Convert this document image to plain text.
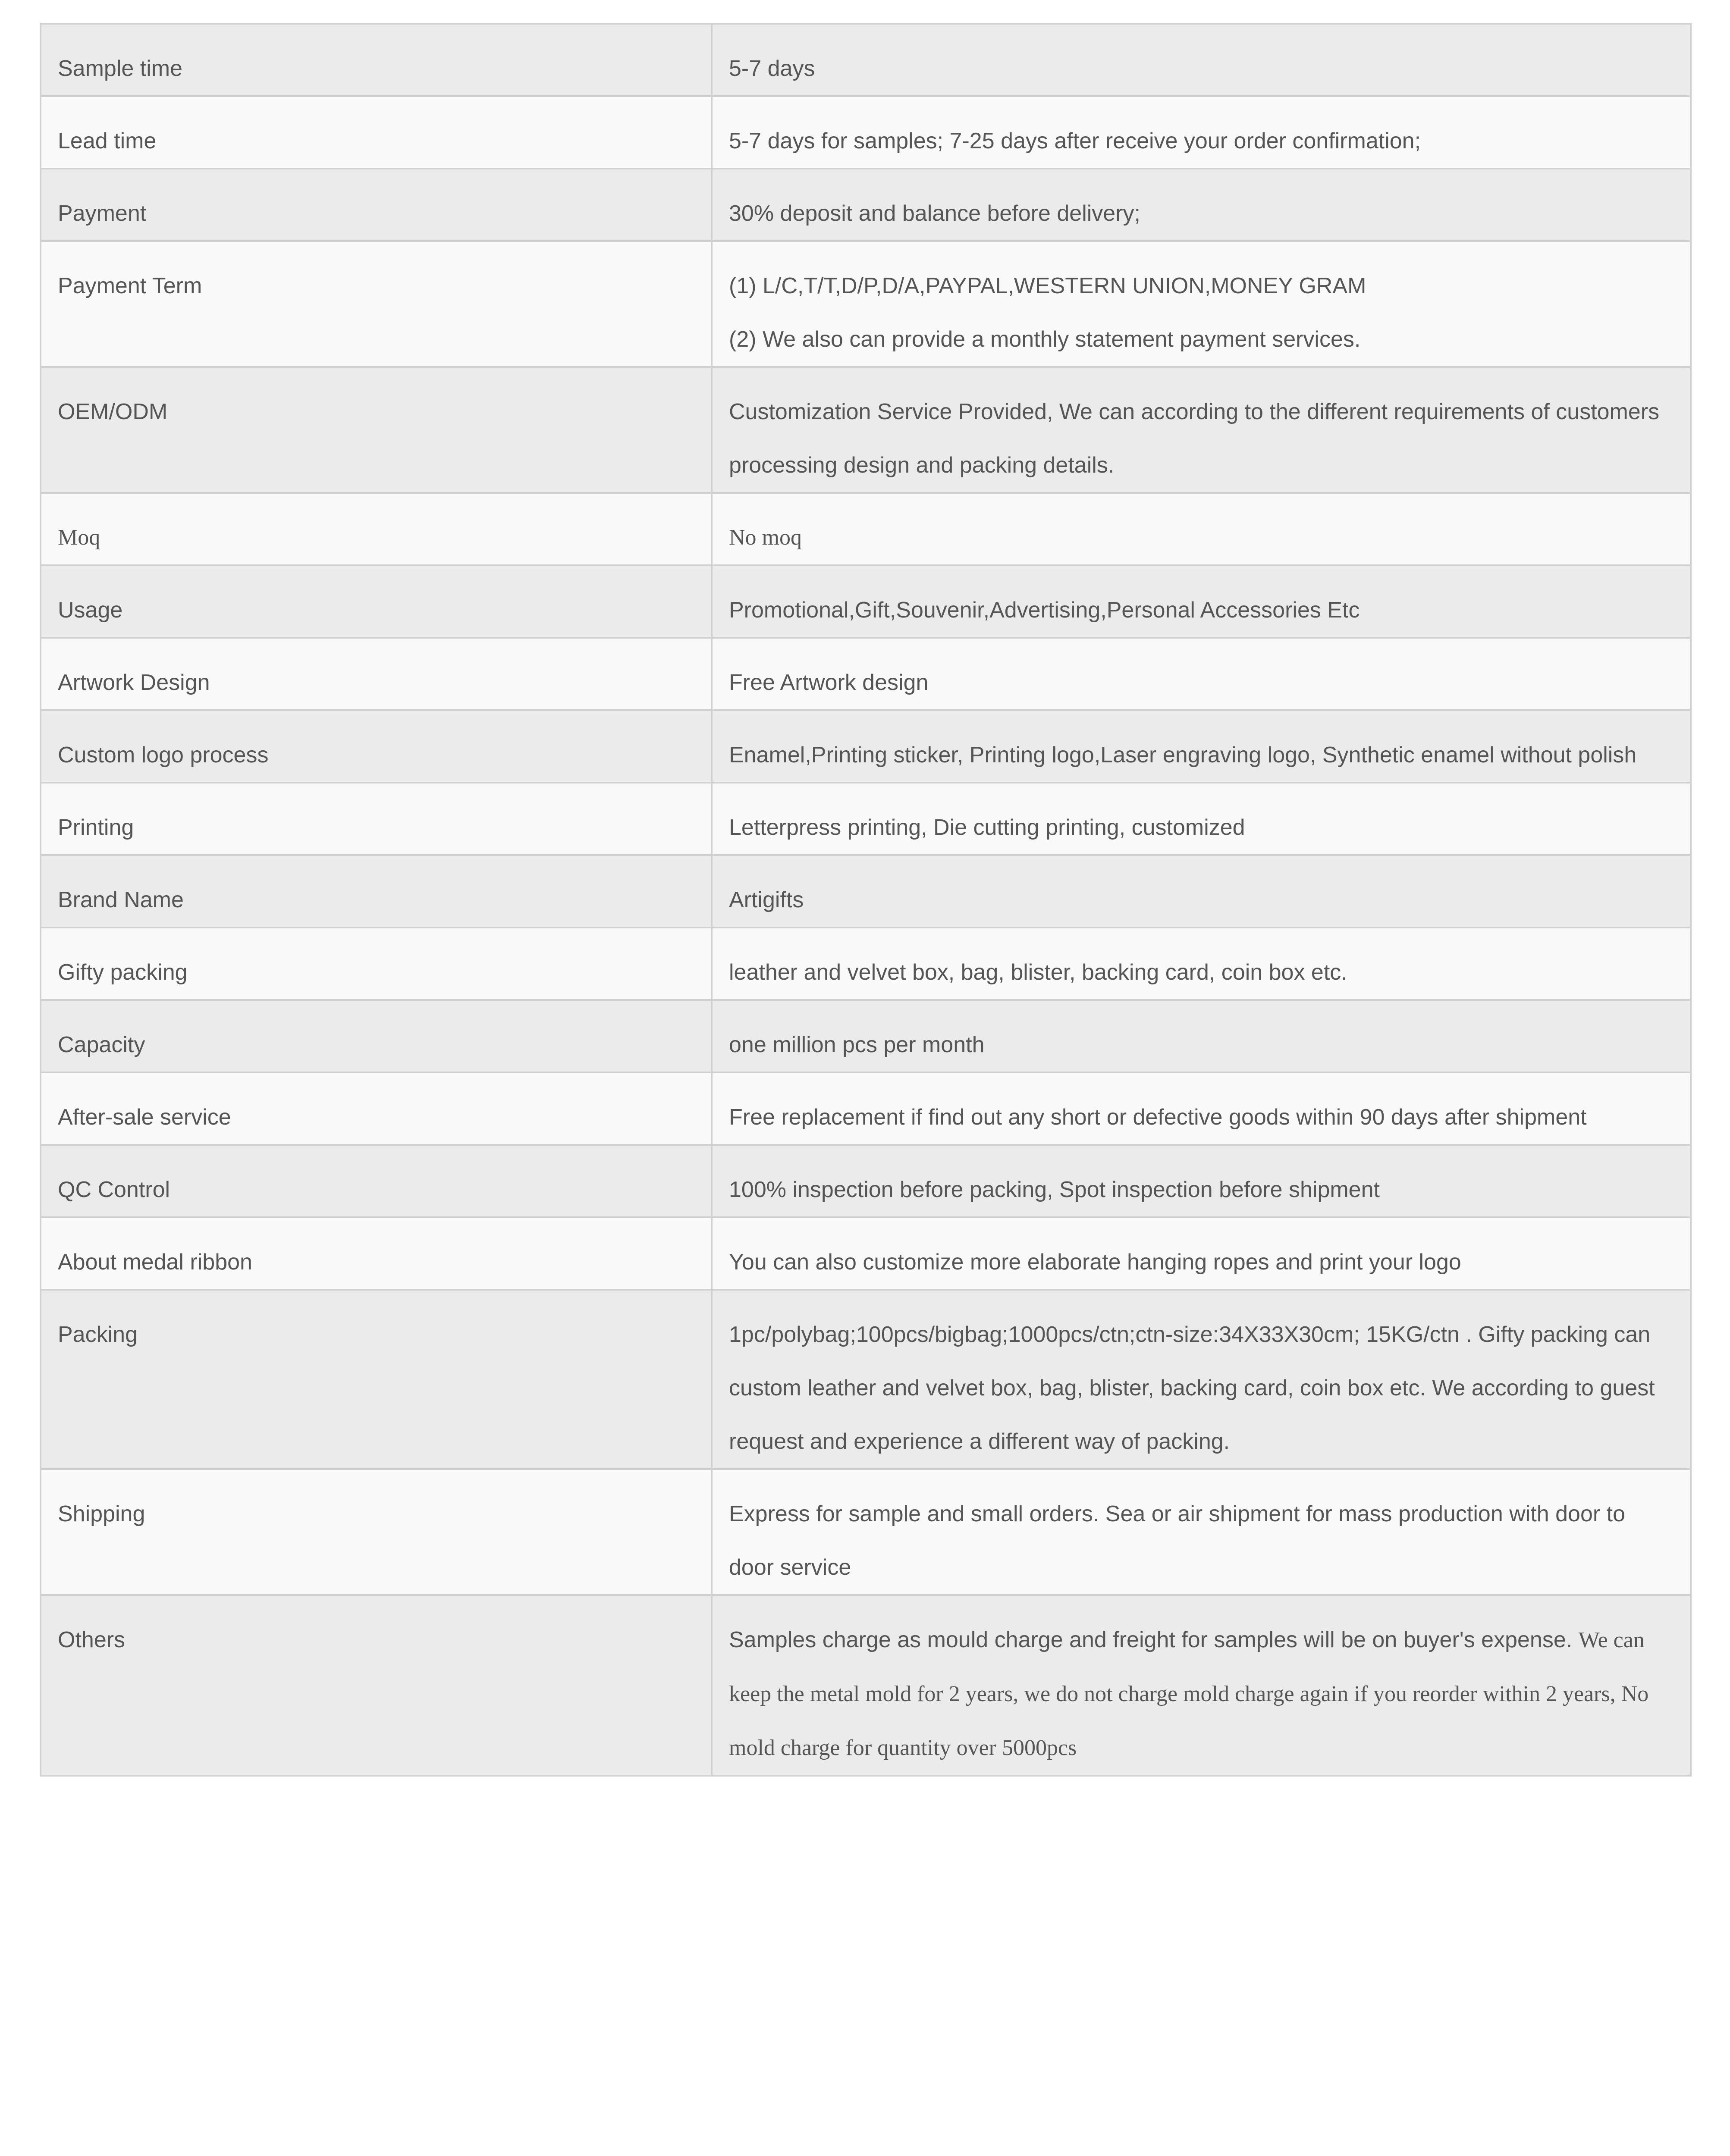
Sample time	5-7 days

Lead time	5-7 days for samples; 7-25 days after receive your order confirmation;

Payment	30% deposit and balance before delivery;

Payment Term	(1) L/C,T/T,D/P,D/A,PAYPAL,WESTERN UNION,MONEY GRAM
(2) We also can provide a monthly statement payment services.

OEM/ODM	Customization Service Provided, We can according to the different requirements of customers processing design and packing details.

Moq	No moq

Usage	Promotional,Gift,Souvenir,Advertising,Personal Accessories Etc

Artwork Design	Free Artwork design

Custom logo process	Enamel,Printing sticker, Printing logo,Laser engraving logo, Synthetic enamel without polish

Printing	Letterpress printing, Die cutting printing, customized

Brand Name	Artigifts

Gifty packing	leather and velvet box, bag, blister, backing card, coin box etc.

Capacity	one million pcs per month

After-sale service	Free replacement if find out any short or defective goods within 90 days after shipment

QC Control	100% inspection before packing, Spot inspection before shipment

About medal ribbon	You can also customize more elaborate hanging ropes and print your logo

Packing	1pc/polybag;100pcs/bigbag;1000pcs/ctn;ctn-size:34X33X30cm; 15KG/ctn . Gifty packing can custom leather and velvet box, bag, blister, backing card, coin box etc. We according to guest request and experience a different way of packing.

Shipping	Express for sample and small orders. Sea or air shipment for mass production with door to door service

Others	Samples charge as mould charge and freight for samples will be on buyer's expense. We can keep the metal mold for 2 years, we do not charge mold charge again if you reorder within 2 years, No mold charge for quantity over 5000pcs
